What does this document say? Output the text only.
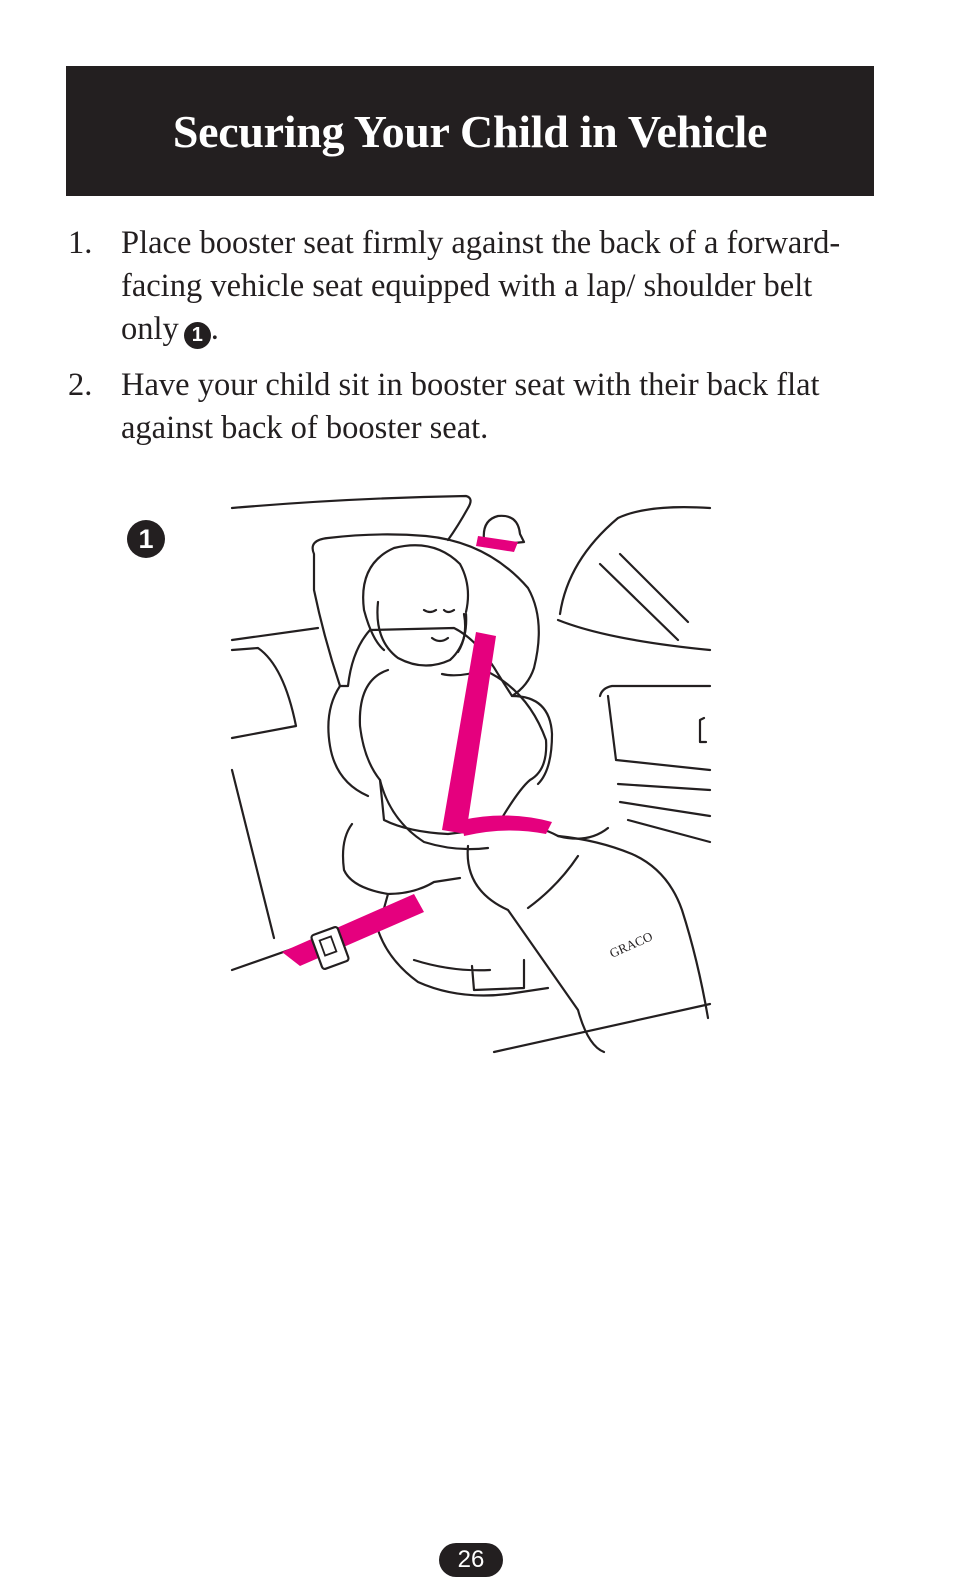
Securing Your Child in Vehicle
1. Place booster seat firmly against the back of a forward-facing vehicle seat equipped with a lap/ shoulder belt only 1 .
2. Have your child sit in booster seat with their back flat against back of booster seat.
1
GRACO
26
